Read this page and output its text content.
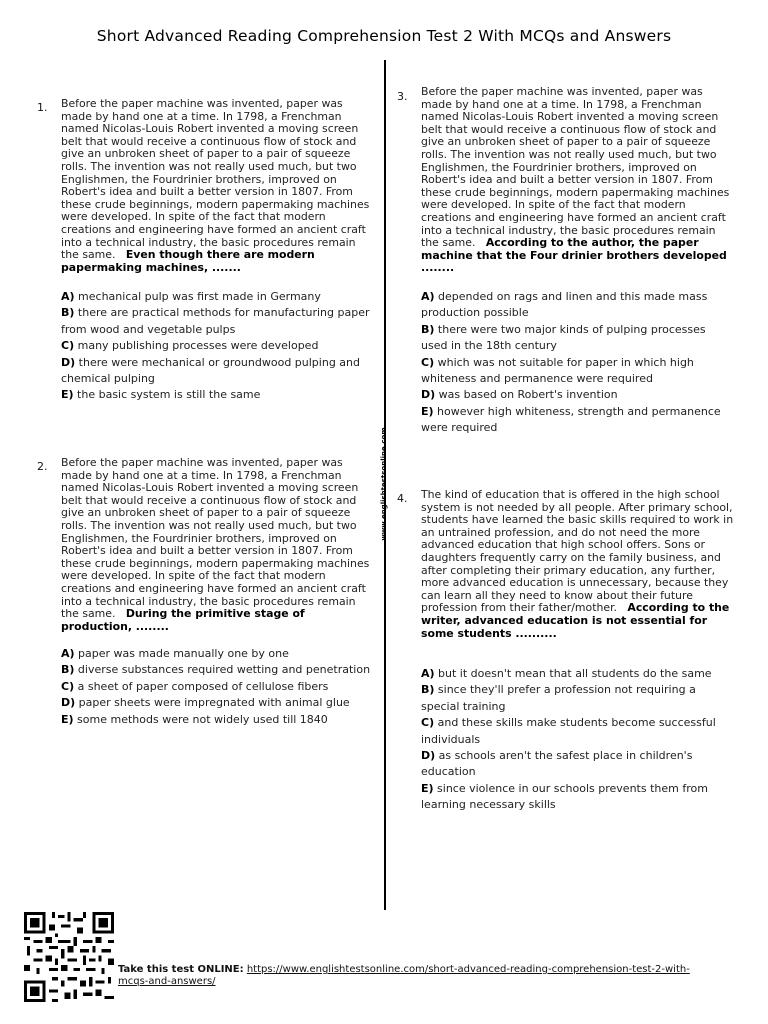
Short Advanced Reading Comprehension Test 2 With MCQs and Answers
www.englishtestsonline.com
1. Before the paper machine was invented, paper was made by hand one at a time. In 1798, a Frenchman named Nicolas-Louis Robert invented a moving screen belt that would receive a continuous flow of stock and give an unbroken sheet of paper to a pair of squeeze rolls. The invention was not really used much, but two Englishmen, the Fourdrinier brothers, improved on Robert's idea and built a better version in 1807. From these crude beginnings, modern papermaking machines were developed. In spite of the fact that modern creations and engineering have formed an ancient craft into a technical industry, the basic procedures remain the same. Even though there are modern papermaking machines, .......
A) mechanical pulp was first made in Germany
B) there are practical methods for manufacturing paper from wood and vegetable pulps
C) many publishing processes were developed
D) there were mechanical or groundwood pulping and chemical pulping
E) the basic system is still the same
2. Before the paper machine was invented, paper was made by hand one at a time. In 1798, a Frenchman named Nicolas-Louis Robert invented a moving screen belt that would receive a continuous flow of stock and give an unbroken sheet of paper to a pair of squeeze rolls. The invention was not really used much, but two Englishmen, the Fourdrinier brothers, improved on Robert's idea and built a better version in 1807. From these crude beginnings, modern papermaking machines were developed. In spite of the fact that modern creations and engineering have formed an ancient craft into a technical industry, the basic procedures remain the same. During the primitive stage of production, ........
A) paper was made manually one by one
B) diverse substances required wetting and penetration
C) a sheet of paper composed of cellulose fibers
D) paper sheets were impregnated with animal glue
E) some methods were not widely used till 1840
3. Before the paper machine was invented, paper was made by hand one at a time. In 1798, a Frenchman named Nicolas-Louis Robert invented a moving screen belt that would receive a continuous flow of stock and give an unbroken sheet of paper to a pair of squeeze rolls. The invention was not really used much, but two Englishmen, the Fourdrinier brothers, improved on Robert's idea and built a better version in 1807. From these crude beginnings, modern papermaking machines were developed. In spite of the fact that modern creations and engineering have formed an ancient craft into a technical industry, the basic procedures remain the same. According to the author, the paper machine that the Four drinier brothers developed ........
A) depended on rags and linen and this made mass production possible
B) there were two major kinds of pulping processes used in the 18th century
C) which was not suitable for paper in which high whiteness and permanence were required
D) was based on Robert's invention
E) however high whiteness, strength and permanence were required
4. The kind of education that is offered in the high school system is not needed by all people. After primary school, students have learned the basic skills required to work in an untrained profession, and do not need the more advanced education that high school offers. Sons or daughters frequently carry on the family business, and after completing their primary education, any further, more advanced education is unnecessary, because they can learn all they need to know about their future profession from their father/mother. According to the writer, advanced education is not essential for some students ..........
A) but it doesn't mean that all students do the same
B) since they'll prefer a profession not requiring a special training
C) and these skills make students become successful individuals
D) as schools aren't the safest place in children's education
E) since violence in our schools prevents them from learning necessary skills
Take this test ONLINE: https://www.englishtestsonline.com/short-advanced-reading-comprehension-test-2-with-mcqs-and-answers/
